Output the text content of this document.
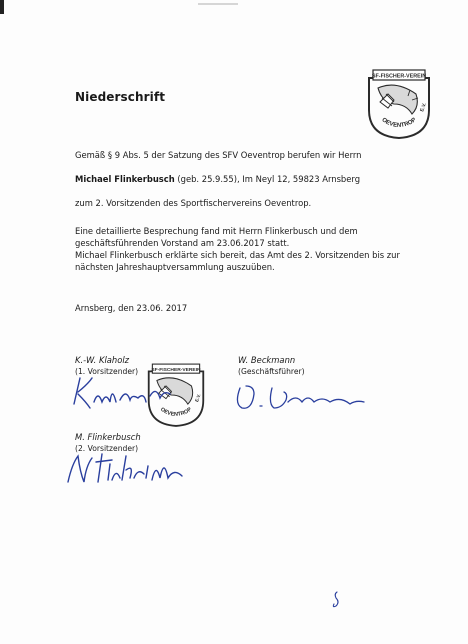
Niederschrift
SF-FISCHER-VEREIN
OEVENTROP
E.V.
Gemäß § 9 Abs. 5 der Satzung des SFV Oeventrop berufen wir Herrn
Michael Flinkerbusch (geb. 25.9.55), Im Neyl 12, 59823 Arnsberg
zum 2. Vorsitzenden des Sportfischervereins Oeventrop.
Eine detaillierte Besprechung fand mit Herrn Flinkerbusch und dem
geschäftsführenden Vorstand am 23.06.2017 statt.
Michael Flinkerbusch erklärte sich bereit, das Amt des 2. Vorsitzenden bis zur
nächsten Jahreshauptversammlung auszuüben.
Arnsberg, den 23.06. 2017
K.-W. Klaholz
(1. Vorsitzender)
W. Beckmann
(Geschäftsführer)
SF-FISCHER-VEREIN
OEVENTROP
E.V.
M. Flinkerbusch
(2. Vorsitzender)
